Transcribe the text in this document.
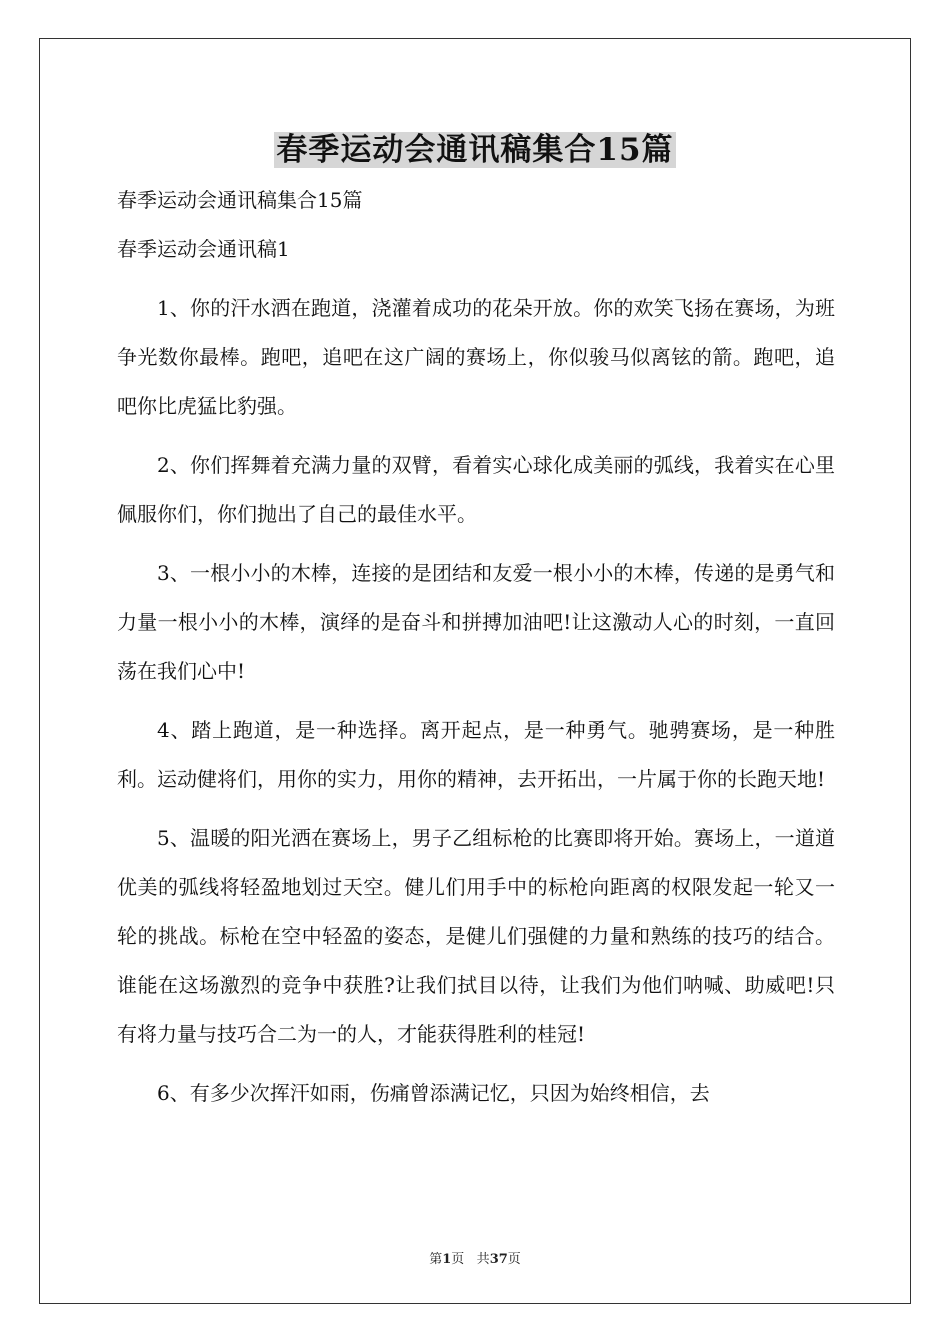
春季运动会通讯稿集合15篇

春季运动会通讯稿集合15篇

春季运动会通讯稿1

1、你的汗水洒在跑道，浇灌着成功的花朵开放。你的欢笑飞扬在赛场，为班争光数你最棒。跑吧，追吧在这广阔的赛场上，你似骏马似离铉的箭。跑吧，追吧你比虎猛比豹强。

2、你们挥舞着充满力量的双臂，看着实心球化成美丽的弧线，我着实在心里佩服你们，你们抛出了自己的最佳水平。

3、一根小小的木棒，连接的是团结和友爱一根小小的木棒，传递的是勇气和力量一根小小的木棒，演绎的是奋斗和拼搏加油吧!让这激动人心的时刻，一直回荡在我们心中!

4、踏上跑道，是一种选择。离开起点，是一种勇气。驰骋赛场，是一种胜利。运动健将们，用你的实力，用你的精神，去开拓出，一片属于你的长跑天地!

5、温暖的阳光洒在赛场上，男子乙组标枪的比赛即将开始。赛场上，一道道优美的弧线将轻盈地划过天空。健儿们用手中的标枪向距离的权限发起一轮又一轮的挑战。标枪在空中轻盈的姿态，是健儿们强健的力量和熟练的技巧的结合。谁能在这场激烈的竞争中获胜?让我们拭目以待，让我们为他们呐喊、助威吧!只有将力量与技巧合二为一的人，才能获得胜利的桂冠!

6、有多少次挥汗如雨，伤痛曾添满记忆，只因为始终相信，去

第1页 共37页
